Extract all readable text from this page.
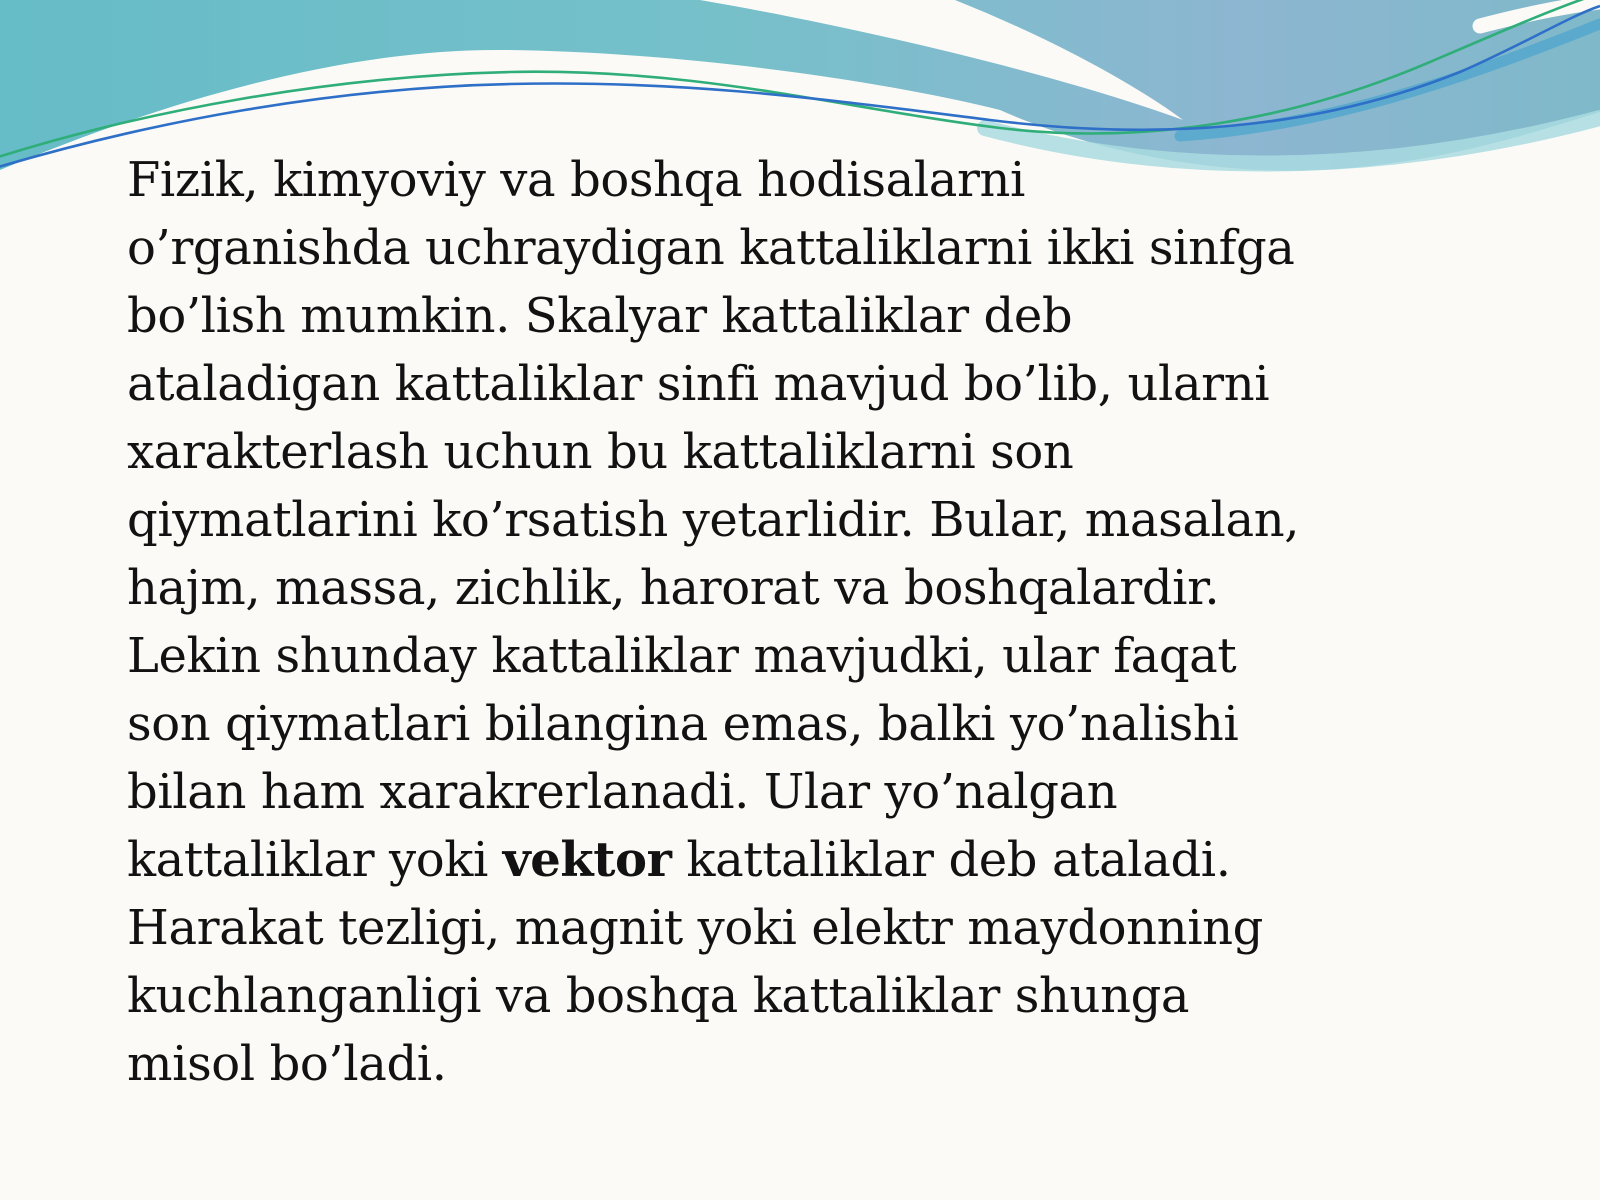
Fizik, kimyoviy va boshqa hodisalarni
o’rganishda uchraydigan kattaliklarni ikki sinfga
bo’lish mumkin. Skalyar kattaliklar deb
ataladigan kattaliklar sinfi mavjud bo’lib, ularni
xarakterlash uchun bu kattaliklarni son
qiymatlarini ko’rsatish yetarlidir. Bular, masalan,
hajm, massa, zichlik, harorat va boshqalardir.
Lekin shunday kattaliklar mavjudki, ular faqat
son qiymatlari bilangina emas, balki yo’nalishi
bilan ham xarakrerlanadi. Ular yo’nalgan
kattaliklar yoki vektor kattaliklar deb ataladi.
Harakat tezligi, magnit yoki elektr maydonning
kuchlanganligi va boshqa kattaliklar shunga
misol bo’ladi.
